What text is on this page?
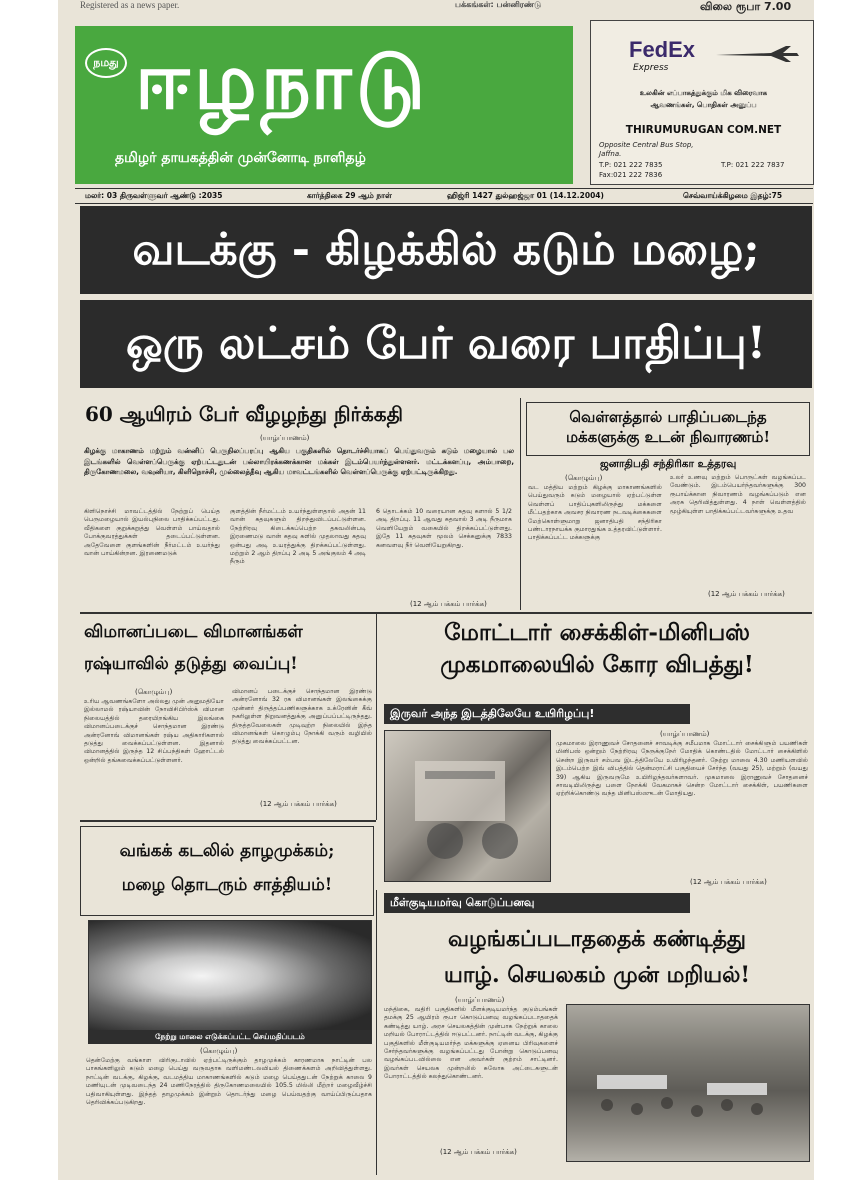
Registered as a news paper.	பக்கங்கள்: பன்னிரண்டு	விலை ரூபா 7.00
நமது ஈழநாடு
தமிழர் தாயகத்தின் முன்னோடி நாளிதழ்
FedEx
Express
உலகின் எப்பாகத்துக்கும் மிக விரைவாக
ஆவணங்கள், பொதிகள் அனுப்ப
THIRUMURUGAN COM.NET
Opposite Central Bus Stop, Jaffna.
T.P: 021 222 7835	T.P: 021 222 7837
Fax:021 222 7836
மலர்: 03 திருவள்ளுவர் ஆண்டு :2035	கார்த்திகை 29 ஆம் நாள்	ஹிஜ்ரி 1427 துல்ஹஜ்ஜா 01 (14.12.2004)	செவ்வாய்க்கிழமை இதழ்:75
வடக்கு - கிழக்கில் கடும் மழை;
ஒரு லட்சம் பேர் வரை பாதிப்பு!
60 ஆயிரம் பேர் வீழழந்து நிர்க்கதி
(யாழ்ப்பாணம்)
கிழக்கு மாகாணம் மற்றும் வன்னிப் பெருநிலப்பரப்பு ஆகிய பகுதிகளில் தொடர்ச்சியாகப் பெய்துவரும் கடும் மழையால் பல இடங்களில் வெள்ளப்பெருக்கு ஏற்பட்டதுடன் பல்லாயிரக்கணக்கான மக்கள் இடம்பெயர்ந்துள்ளனர். மட்டக்களப்பு, அம்பாறை, திருகோணமலை, வவுனியா, கிளிநொச்சி, முல்லைத்தீவு ஆகிய மாவட்டங்களில் வெள்ளப்பெருக்கு ஏற்பட்டிருக்கிறது.
கிளிநொச்சி மாவட்டத்தில் நேற்றுப் பெய்த பெருமழையால் இயல்புநிலை பாதிக்கப்பட்டது. வீதிகளை குறுக்கறுத்து வெள்ளம் பாய்வதால் போக்குவரத்துக்கள் தடைப்பட்டுள்ளன. அதேவேளை குளங்களின் நீர்மட்டம் உயர்ந்து வான் பாய்கின்றன. இரணைமடுக்
குளத்தின் நீர்மட்டம் உயர்ந்துள்ளதால் அதன் 11 வான் கதவுகளும் திறந்துவிடப்பட்டுள்ளன. நேற்றிரவு கிடைக்கப்பெற்ற தகவலின்படி இரணைமடு வான் கதவு களில் முதலாவது கதவு ஒன்பது அடி உயரத்துக்கு திறக்கப்பட்டுள்ளது. மற்றும் 2 ஆம் திறப்பு 2 அடி 5 அங்குலம் 4 அடி நீரும்
6 தொடக்கம் 10 வரையான கதவு களால் 5 1/2 அடி திறப்பு. 11 ஆவது கதவால் 3 அடி நீருமாக வெளியேறும் வகையில் திறக்கப்பட்டுள்ளது. இதே 11 கதவுகள் மூலம் செக்கனுக்கு 7833 கனவளவு நீர் வெளியேறுகிறது.
(12 ஆம் பக்கம் பார்க்க)
வெள்ளத்தால் பாதிப்படைந்த
மக்களுக்கு உடன் நிவாரணம்!
ஜனாதிபதி சந்திரிகா உத்தரவு
(கொழும்பு)
வட மத்திய மற்றும் கிழக்கு மாகாணங்களில் பெய்துவரும் கடும் மழையால் ஏற்பட்டுள்ள வெள்ளப் பாதிப்புகளிலிருந்து மக்களை மீட்பதற்காக அவசர நிவாரண நடவடிக்கைகளை மேற்கொள்ளுமாறு ஜனாதிபதி சந்திரிகா பண்டாரநாயக்க குமாரதுங்க உத்தரவிட்டுள்ளார். பாதிக்கப்பட்ட மக்களுக்கு
உலர் உணவு மற்றும் பொருட்கள் வழங்கப்பட வேண்டும். இடம்பெயர்ந்தவர்களுக்கு 300 ரூபாய்க்கான நிவாரணம் வழங்கப்படும் என அரசு தெரிவித்துள்ளது. 4 நாள் வெள்ளத்தில் மூழ்கியுள்ள பாதிக்கப்பட்டவர்களுக்கு உதவ
(12 ஆம் பக்கம் பார்க்க)
விமானப்படை விமானங்கள்
ரஷ்யாவில் தடுத்து வைப்பு!
(கொழும்பு)
உரிய ஆவணங்களோ அல்லது முன் அனுமதியோ இல்லாமல் ரஷ்யாவின் நோவிசிபிர்ஸ்க் விமான நிலையத்தில் தரையிறங்கிய இலங்கை விமானப்படைக்குச் சொந்தமான இரண்டு அன்ரனோவ் விமானங்கள் ரஷ்ய அதிகாரிகளால் தடுத்து வைக்கப்பட்டுள்ளன. இதனால் விமானத்தில் இருந்த 12 சிப்பந்திகள் ஹோட்டல் ஒன்றில் தங்கவைக்கப்பட்டுள்ளனர்.
விமானப் படைக்குச் சொந்தமான இரண்டு அன்ரனோவ் 32 ரக விமானங்கள் இலங்கைக்கு முன்னர் திருத்தப்பணிகளுக்காக உக்ரேனின் கீவ் நகரிலுள்ள நிறுவனத்துக்கு அனுப்பப்பட்டிருந்தது. திருத்தவேலைகள் முடிவுற்ற நிலையில் இந்த விமானங்கள் கொழும்பு நோக்கி வரும் வழியில் தடுத்து வைக்கப்பட்டன.
(12 ஆம் பக்கம் பார்க்க)
மோட்டார் சைக்கிள்-மினிபஸ்
முகமாலையில் கோர விபத்து!
இருவர் அந்த இடத்திலேயே உயிரிழப்பு!
(யாழ்ப்பாணம்)
முகமாலை இராணுவச் சோதனைச் சாவடிக்கு சமீபமாக மோட்டார் சைக்கிளும் பயணிகள் மினிபஸ் ஒன்றும் நேற்றிரவு நேருக்குநேர் மோதிக் கொண்டதில் மோட்டார் சைக்கிளில் சென்ற இருவர் சம்பவ இடத்திலேயே உயிரிழந்தனர். நேற்று மாலை 4.30 மணியளவில் இடம்பெற்ற இவ் விபத்தில் தென்மராட்சி பகுதியைச் சேர்ந்த (வயது 25), மற்றும் (வயது 39) ஆகிய இருவருமே உயிரிழந்தவர்களாவர். முகமாலை இராணுவச் சோதனைச் சாவடியிலிருந்து பளை நோக்கி வேகமாகச் சென்ற மோட்டார் சைக்கிள், பயணிகளை ஏற்றிக்கொண்டு வந்த மினிபஸ்ஸுடன் மோதியது.
(12 ஆம் பக்கம் பார்க்க)
வங்கக் கடலில் தாழமுக்கம்;
மழை தொடரும் சாத்தியம்!
நேற்று மாலை எடுக்கப்பட்ட செய்மதிப்படம்
(கொழும்பு)
தென்மேற்கு வங்காள விரிகுடாவில் ஏற்பட்டிருக்கும் தாழமுக்கம் காரணமாக நாட்டின் பல பாகங்களிலும் கடும் மழை பெய்து வருவதாக வளிமண்டலவியல் திணைக்களம் அறிவித்துள்ளது. நாட்டின் வடக்கு, கிழக்கு, வடமத்திய மாகாணங்களில் கடும் மழை பெய்ததுடன் நேற்றுக் காலை 9 மணியுடன் முடிவடைந்த 24 மணிநேரத்தில் திருகோணமலையில் 105.5 மில்லி மீற்றர் மழைவீழ்ச்சி பதிவாகியுள்ளது. இந்தத் தாழமுக்கம் இன்றும் தொடர்ந்து மழை பெய்வதற்கு வாய்ப்பிருப்பதாக தெரிவிக்கப்படுகிறது.
மீள்குடியமர்வு கொடுப்பனவு
வழங்கப்படாததைக் கண்டித்து
யாழ். செயலகம் முன் மறியல்!
(யாழ்ப்பாணம்)
மந்திகை, வதிரி பகுதிகளில் மீளக்குடியமர்ந்த குடும்பங்கள் தமக்கு 25 ஆயிரம் ரூபா கொடுப்பனவு வழங்கப்படாததைக் கண்டித்து யாழ். அரச செயலகத்தின் முன்பாக நேற்றுக் காலை மறியல் போராட்டத்தில் ஈடுபட்டனர். நாட்டின் வடக்கு, கிழக்கு பகுதிகளில் மீள்குடியமர்ந்த மக்களுக்கு ஏனைய பிரிவுகளைச் சேர்ந்தவர்களுக்கு வழங்கப்பட்டது போன்று கொடுப்பனவு வழங்கப்படவில்லை என அவர்கள் குற்றம் சாட்டினர். இவர்கள் செயலக முன்றலில் சுலோக அட்டைகளுடன் போராட்டத்தில் கலந்துகொண்டனர்.
(12 ஆம் பக்கம் பார்க்க)
